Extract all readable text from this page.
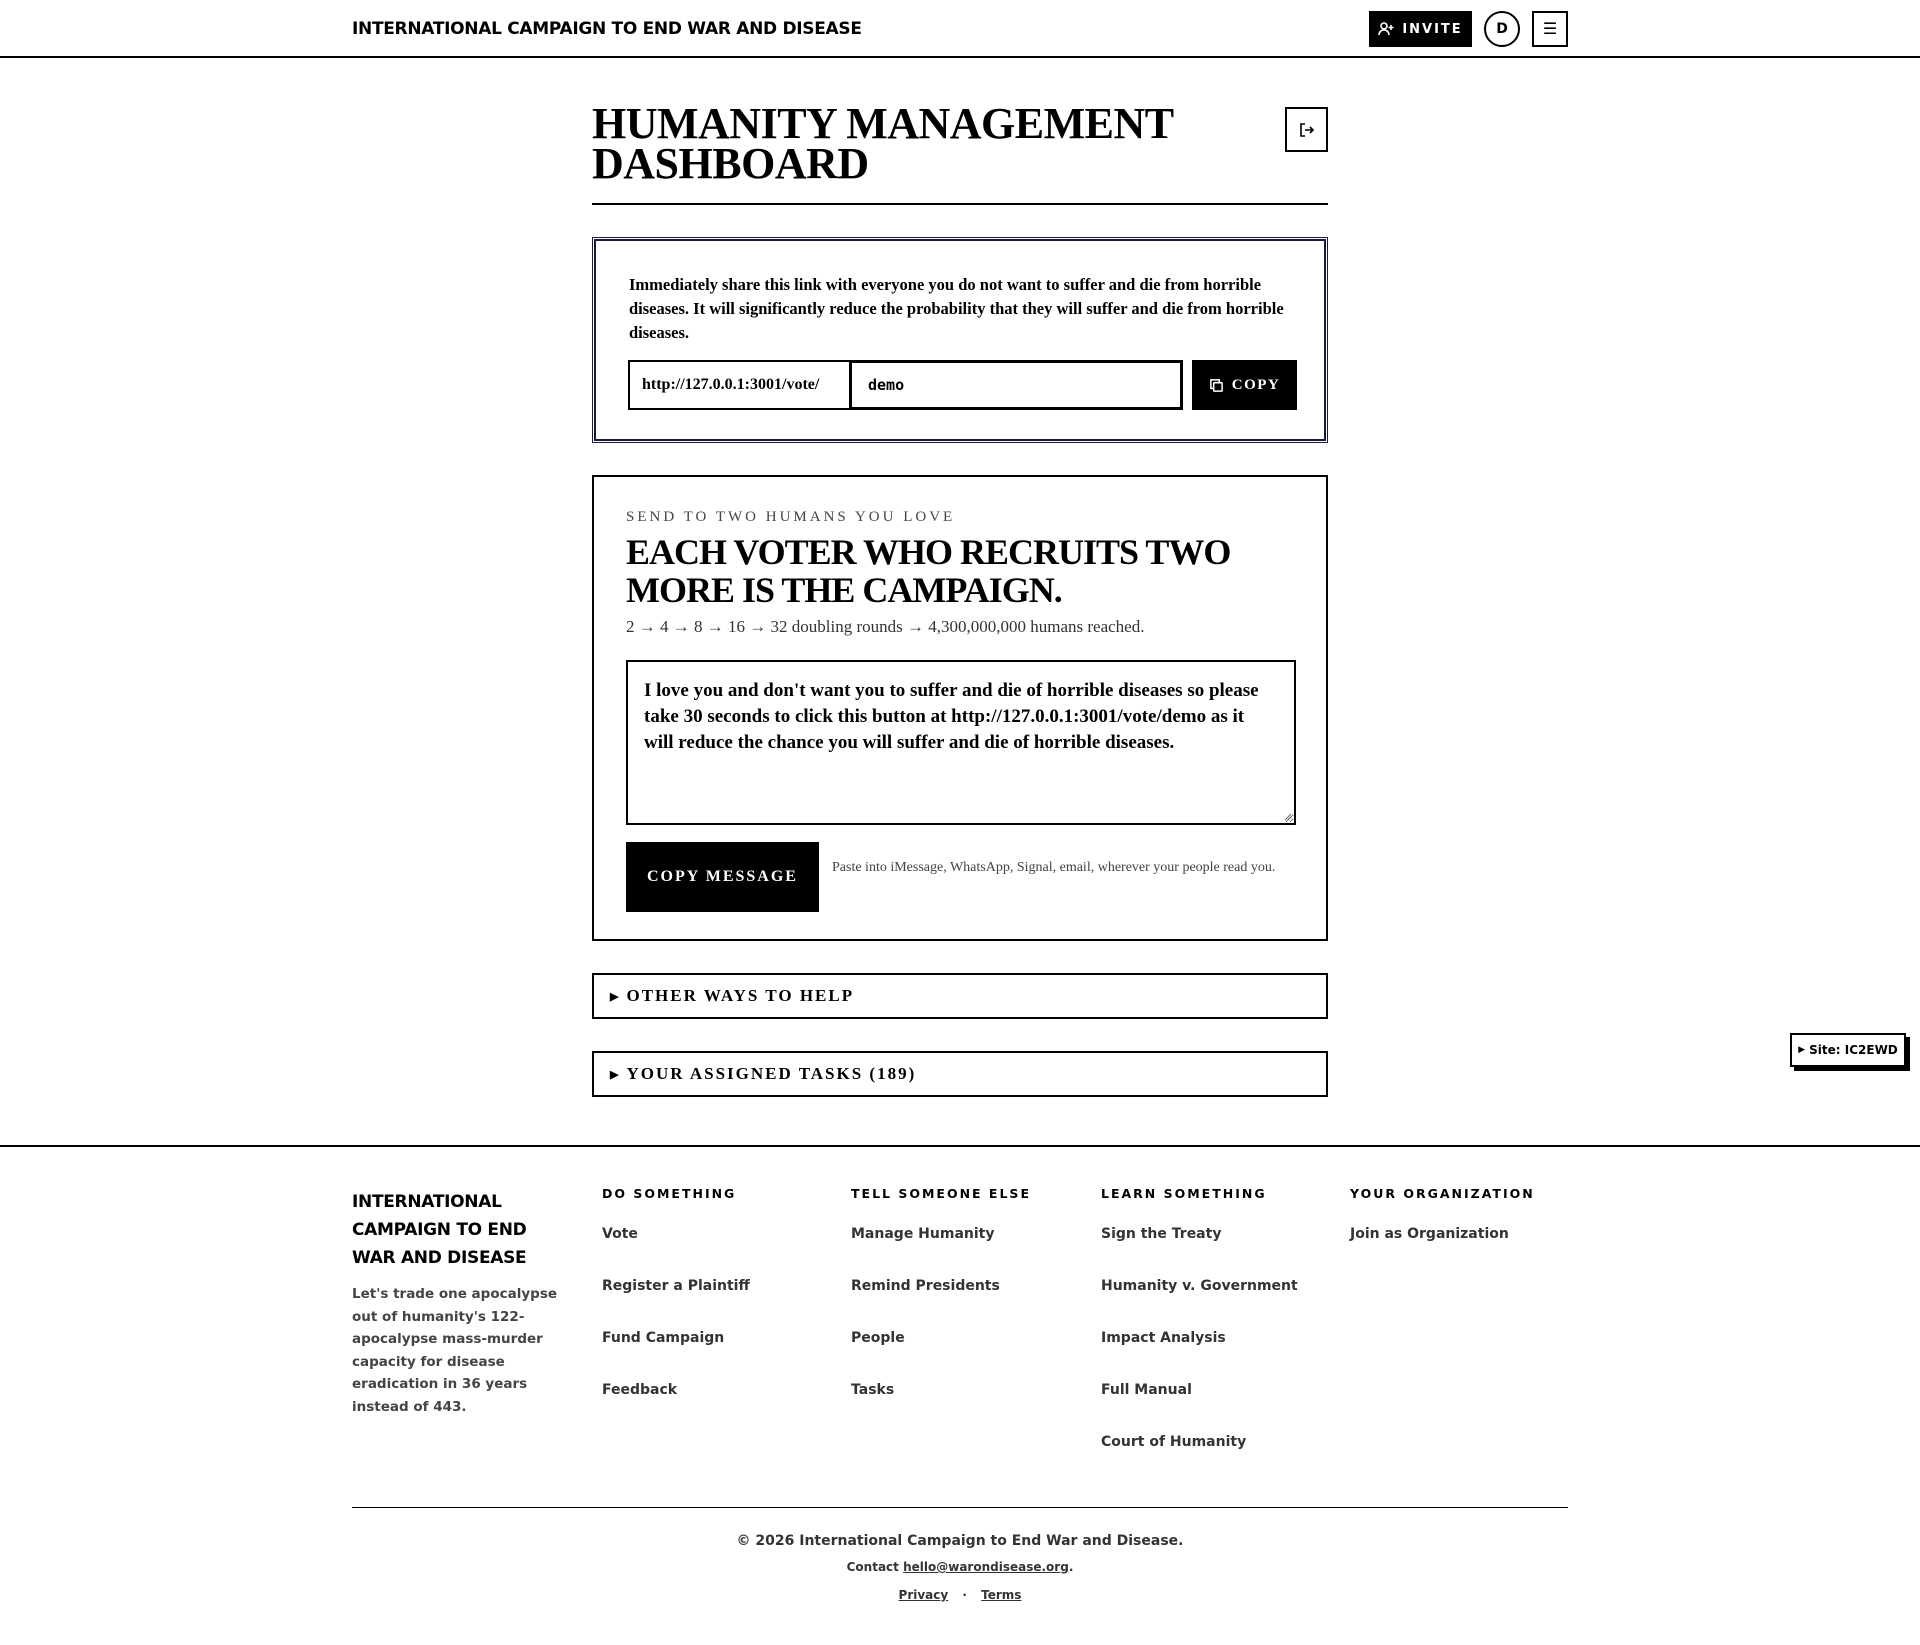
INTERNATIONAL CAMPAIGN TO END WAR AND DISEASE	INVITE	D	☰
HUMANITY MANAGEMENT DASHBOARD

Immediately share this link with everyone you do not want to suffer and die from horrible diseases. It will significantly reduce the probability that they will suffer and die from horrible diseases.

http://127.0.0.1:3001/vote/
demo	COPY
SEND TO TWO HUMANS YOU LOVE
EACH VOTER WHO RECRUITS TWO MORE IS THE CAMPAIGN.
2 → 4 → 8 → 16 → 32 doubling rounds → 4,300,000,000 humans reached.
I love you and don't want you to suffer and die of horrible diseases so please take 30 seconds to click this button at http://127.0.0.1:3001/vote/demo as it will reduce the chance you will suffer and die of horrible diseases.
COPY MESSAGE
Paste into iMessage, WhatsApp, Signal, email, wherever your people read you.
▶ OTHER WAYS TO HELP
▶ YOUR ASSIGNED TASKS (189)
▶ Site: IC2EWD
INTERNATIONAL CAMPAIGN TO END WAR AND DISEASE

Let's trade one apocalypse out of humanity's 122-apocalypse mass-murder capacity for disease eradication in 36 years instead of 443.

DO SOMETHING
Vote
Register a Plaintiff
Fund Campaign
Feedback
TELL SOMEONE ELSE
Manage Humanity
Remind Presidents
People
Tasks
LEARN SOMETHING
Sign the Treaty
Humanity v. Government
Impact Analysis
Full Manual
Court of Humanity
YOUR ORGANIZATION
Join as Organization
© 2026 International Campaign to End War and Disease.
Contact hello@warondisease.org.
Privacy · Terms
